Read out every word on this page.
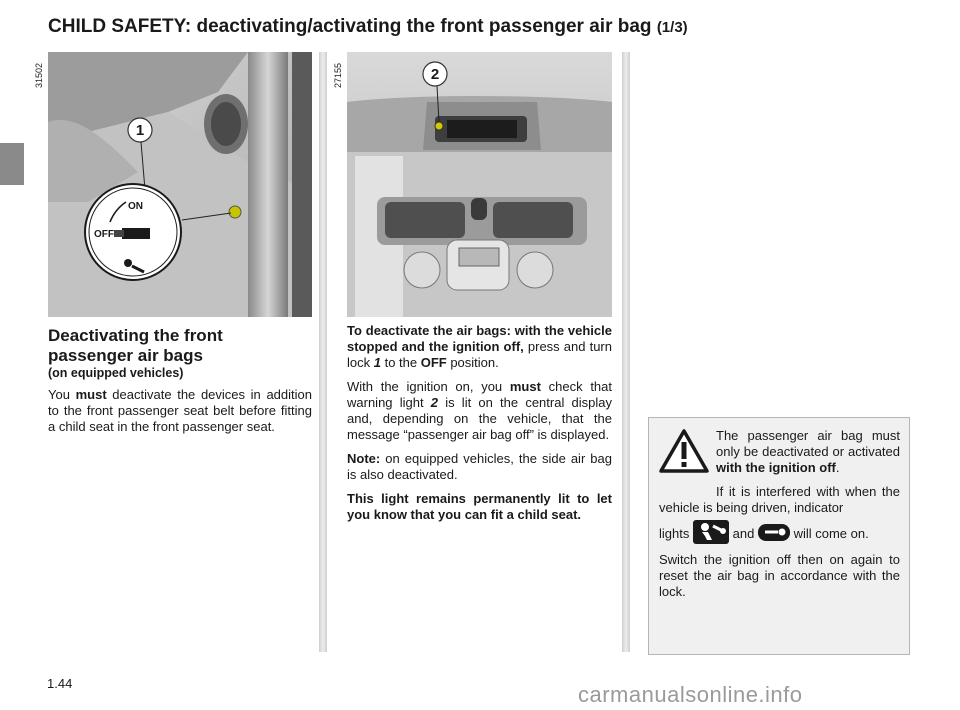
CHILD SAFETY: deactivating/activating the front passenger air bag (1/3)
1
ON
OFF
31502	2
27155
Deactivating the front passenger air bags
(on equipped vehicles)

You must deactivate the devices in addition to the front passenger seat belt before fitting a child seat in the front passenger seat.

To deactivate the air bags: with the vehicle stopped and the ignition off, press and turn lock 1 to the OFF position.

With the ignition on, you must check that warning light 2 is lit on the central display and, depending on the vehicle, that the message “passenger air bag off” is displayed.

Note: on equipped vehicles, the side air bag is also deactivated.

This light remains permanently lit to let you know that you can fit a child seat.

The passenger air bag must only be deactivated or activated with the ignition off.

If it is interfered with when the vehicle is being driven, indicator

lights	and	will come on.

Switch the ignition off then on again to reset the air bag in accordance with the lock.

1.44	carmanualsonline.info
